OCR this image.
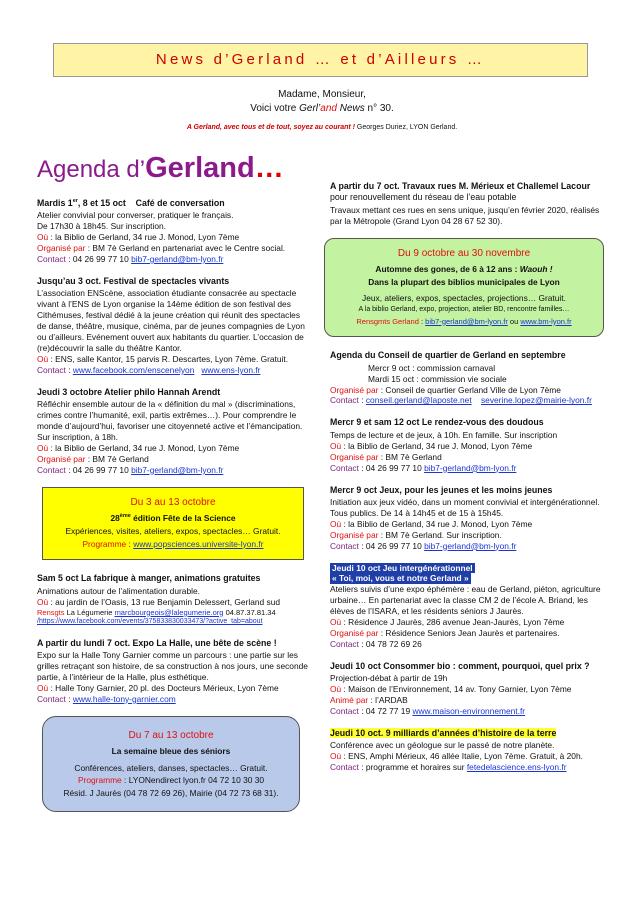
News d’Gerland … et d’Ailleurs …
Madame, Monsieur,
Voici votre Gerl’and News n° 30.
A Gerland, avec tous et de tout, soyez au courant ! Georges Duriez, LYON Gerland.
Agenda d’Gerland…
Mardis 1er, 8 et 15 oct    Café de conversation
Atelier convivial pour converser, pratiquer le français.
De 17h30 à 18h45. Sur inscription.
Où : la Biblio de Gerland, 34 rue J. Monod, Lyon 7ème
Organisé par : BM 7è Gerland en partenariat avec le Centre social.
Contact : 04 26 99 77 10 bib7-gerland@bm-lyon.fr
Jusqu’au 3 oct. Festival de spectacles vivants
L’association ENScène, association étudiante consacrée au spectacle vivant à l’ENS de Lyon organise la 14ème édition de son festival des Cithémuses, festival dédié à la jeune création qui réunit des spectacles de danse, théâtre, musique, cinéma, par de jeunes compagnies de Lyon ou d’ailleurs. Evénement ouvert aux habitants du quartier. L’occasion de (re)découvrir la salle du théâtre Kantor.
Où : ENS, salle Kantor, 15 parvis R. Descartes, Lyon 7ème. Gratuit.
Contact : www.facebook.com/enscenelyon www.ens-lyon.fr
Jeudi 3 octobre Atelier philo Hannah Arendt
Réfléchir ensemble autour de la « définition du mal » (discriminations, crimes contre l’humanité, exil, partis extrêmes…). Pour comprendre le monde d’aujourd’hui, favoriser une citoyenneté active et l’émancipation. Sur inscription, à 18h.
Où : la Biblio de Gerland, 34 rue J. Monod, Lyon 7ème
Organisé par : BM 7è Gerland
Contact : 04 26 99 77 10 bib7-gerland@bm-lyon.fr
Du 3 au 13 octobre

28ème édition Fête de la Science

Expériences, visites, ateliers, expos, spectacles… Gratuit.

Programme : www.popsciences.universite-lyon.fr

Sam 5 oct La fabrique à manger, animations gratuites
Animations autour de l’alimentation durable.
Où : au jardin de l’Oasis, 13 rue Benjamin Delessert, Gerland sud
Rensgts La Légumerie marcbourgeois@lalegumerie.org 04.87.37.81.34
/https://www.facebook.com/events/375833830033473/?active_tab=about
A partir du lundi 7 oct. Expo La Halle, une bête de scène !
Expo sur la Halle Tony Garnier comme un parcours : une partie sur les grilles retraçant son histoire, de sa construction à nos jours, une seconde partie, à l’intérieur de la Halle, plus esthétique.
Où : Halle Tony Garnier, 20 pl. des Docteurs Mérieux, Lyon 7ème
Contact : www.halle-tony-garnier.com
Du 7 au 13 octobre

La semaine bleue des séniors

Conférences, ateliers, danses, spectacles… Gratuit.

Programme : LYONendirect lyon.fr 04 72 10 30 30

Résid. J Jaurès (04 78 72 69 26), Mairie (04 72 73 68 31).

A partir du 7 oct. Travaux rues M. Mérieux et Challemel Lacour pour renouvellement du réseau de l’eau potable
Travaux mettant ces rues en sens unique, jusqu’en février 2020, réalisés par la Métropole (Grand Lyon 04 28 67 52 30).
Du 9 octobre au 30 novembre

Automne des gones, de 6 à 12 ans : Waouh !

Dans la plupart des biblios municipales de Lyon

Jeux, ateliers, expos, spectacles, projections… Gratuit.

A la biblio Gerland, expo, projection, atelier BD, rencontre familles…

Rensgmts Gerland : bib7-gerland@bm-lyon.fr ou www.bm-lyon.fr

Agenda du Conseil de quartier de Gerland en septembre
Mercr 9 oct : commission carnaval
Mardi 15 oct : commission vie sociale
Organisé par : Conseil de quartier Gerland Ville de Lyon 7ème
Contact : conseil.gerland@laposte.net severine.lopez@mairie-lyon.fr
Mercr 9 et sam 12 oct Le rendez-vous des doudous
Temps de lecture et de jeux, à 10h. En famille. Sur inscription
Où : la Biblio de Gerland, 34 rue J. Monod, Lyon 7ème
Organisé par : BM 7è Gerland
Contact : 04 26 99 77 10 bib7-gerland@bm-lyon.fr
Mercr 9 oct Jeux, pour les jeunes et les moins jeunes
Initiation aux jeux vidéo, dans un moment convivial et intergénérationnel. Tous publics. De 14 à 14h45 et de 15 à 15h45.
Où : la Biblio de Gerland, 34 rue J. Monod, Lyon 7ème
Organisé par : BM 7è Gerland. Sur inscription.
Contact : 04 26 99 77 10 bib7-gerland@bm-lyon.fr
Jeudi 10 oct Jeu intergénérationnel
« Toi, moi, vous et notre Gerland »
Ateliers suivis d’une expo éphémère : eau de Gerland, piéton, agriculture urbaine… En partenariat avec la classe CM 2 de l’école A. Briand, les élèves de l’ISARA, et les résidents séniors J Jaurès.
Où : Résidence J Jaurès, 286 avenue Jean-Jaurès, Lyon 7ème
Organisé par : Résidence Seniors Jean Jaurès et partenaires.
Contact : 04 78 72 69 26
Jeudi 10 oct Consommer bio : comment, pourquoi, quel prix ?
Projection-débat à partir de 19h
Où : Maison de l’Environnement, 14 av. Tony Garnier, Lyon 7ème
Animé par : l’ARDAB
Contact : 04 72 77 19 www.maison-environnement.fr
Jeudi 10 oct. 9 milliards d’années d’histoire de la terre
Conférence avec un géologue sur le passé de notre planète.
Où : ENS, Amphi Mérieux, 46 allée Italie, Lyon 7ème. Gratuit, à 20h.
Contact : programme et horaires sur fetedelascience.ens-lyon.fr
